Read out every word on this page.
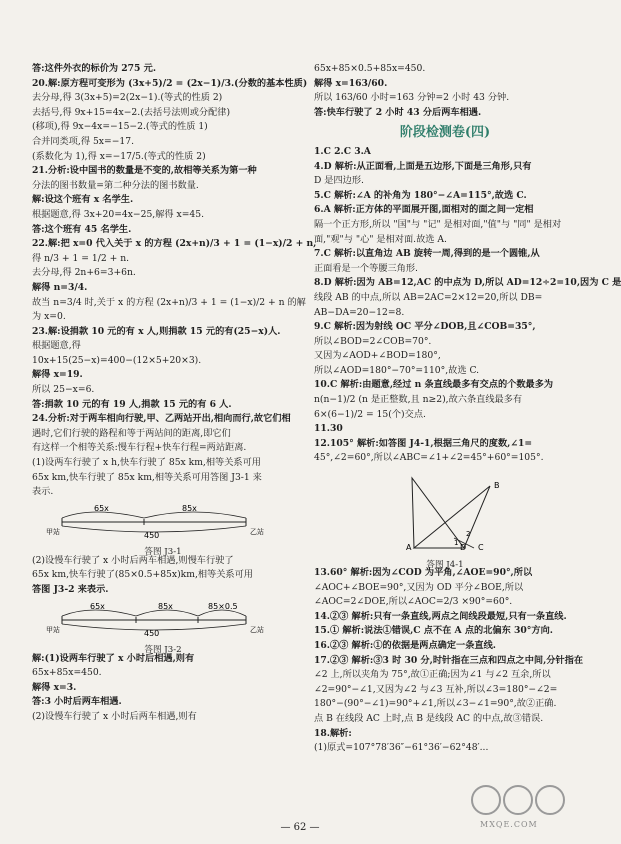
答:这件外衣的标价为 275 元.
20.解:原方程可变形为 (3x+5)/2 = (2x−1)/3.(分数的基本性质)
去分母,得 3(3x+5)=2(2x−1).(等式的性质 2)
去括号,得 9x+15=4x−2.(去括号法则或分配律)
(移项),得 9x−4x=−15−2.(等式的性质 1)
合并同类项,得 5x=−17.
(系数化为 1),得 x=−17/5.(等式的性质 2)
21.分析:设中国书的数量是不变的,故相等关系为第一种
分法的图书数量=第二种分法的图书数量.
解:设这个班有 x 名学生.
根据题意,得 3x+20=4x−25,解得 x=45.
答:这个班有 45 名学生.
22.解:把 x=0 代入关于 x 的方程 (2x+n)/3 + 1 = (1−x)/2 + n,
得 n/3 + 1 = 1/2 + n.
去分母,得 2n+6=3+6n.
解得 n=3/4.
故当 n=3/4 时,关于 x 的方程 (2x+n)/3 + 1 = (1−x)/2 + n 的解
为 x=0.
23.解:设捐款 10 元的有 x 人,则捐款 15 元的有(25−x)人.
根据题意,得
10x+15(25−x)=400−(12×5+20×3).
解得 x=19.
所以 25−x=6.
答:捐款 10 元的有 19 人,捐款 15 元的有 6 人.
24.分析:对于两车相向行驶,甲、乙两站开出,相向而行,故它们相
遇时,它们行驶的路程和等于两站间的距离,即它们
有这样一个相等关系:慢车行程+快车行程=两站距离.
(1)设两车行驶了 x h,快车行驶了 85x km,相等关系可用
65x km,快车行驶了 85x km,相等关系可用答图 J3-1 来
表示.
65x	85x
450
甲站	乙站
答图 J3-1
(2)设慢车行驶了 x 小时后两车相遇,则慢车行驶了
65x km,快车行驶了(85×0.5+85x)km,相等关系可用
答图 J3-2 来表示.
65x	85x	85×0.5
450
甲站	乙站
答图 J3-2
解:(1)设两车行驶了 x 小时后相遇,则有
65x+85x=450.
解得 x=3.
答:3 小时后两车相遇.
(2)设慢车行驶了 x 小时后两车相遇,则有
65x+85×0.5+85x=450.
解得 x=163/60.
所以 163/60 小时=163 分钟=2 小时 43 分钟.
答:快车行驶了 2 小时 43 分后两车相遇.
阶段检测卷(四)
1.C 2.C 3.A
4.D 解析:从正面看,上面是五边形,下面是三角形,只有
D 是四边形.
5.C 解析:∠A 的补角为 180°−∠A=115°,故选 C.
6.A 解析:正方体的平面展开图,面相对的面之间一定相
隔一个正方形,所以 "国"与 "记" 是相对面,"值"与 "同" 是相对
面,"观"与 "心" 是相对面.故选 A.
7.C 解析:以直角边 AB 旋转一周,得到的是一个圆锥,从
正面看是一个等腰三角形.
8.D 解析:因为 AB=12,AC 的中点为 D,所以 AD=12÷2=10,因为 C 是
线段 AB 的中点,所以 AB=2AC=2×12=20,所以 DB=
AB−DA=20−12=8.
9.C 解析:因为射线 OC 平分∠DOB,且∠COB=35°,
所以∠BOD=2∠COB=70°.
又因为∠AOD+∠BOD=180°,
所以∠AOD=180°−70°=110°,故选 C.
10.C 解析:由题意,经过 n 条直线最多有交点的个数最多为
n(n−1)/2 (n 是正整数,且 n≥2),故六条直线最多有
6×(6−1)/2 = 15(个)交点.
11.30
12.105° 解析:如答图 J4-1,根据三角尺的度数,∠1=
45°,∠2=60°,所以∠ABC=∠1+∠2=45°+60°=105°.
B
A	D C
1
2
答图 J4-1
13.60° 解析:因为∠COD 为平角,∠AOE=90°,所以
∠AOC+∠BOE=90°,又因为 OD 平分∠BOE,所以
∠AOC=2∠DOE,所以∠AOC=2/3 ×90°=60°.
14.②③ 解析:只有一条直线,两点之间线段最短,只有一条直线.
15.① 解析:说法①错误,C 点不在 A 点的北偏东 30°方向.
16.②③ 解析:①的依据是两点确定一条直线.
17.②③ 解析:③3 时 30 分,时针指在三点和四点之中间,分针指在
∠2 上,所以夹角为 75°,故①正确;因为∠1 与∠2 互余,所以
∠2=90°−∠1,又因为∠2 与∠3 互补,所以∠3=180°−∠2=
180°−(90°−∠1)=90°+∠1,所以∠3−∠1=90°,故②正确.
点 B 在线段 AC 上时,点 B 是线段 AC 的中点,故③错误.
18.解析:
(1)原式=107°78′36″−61°36′−62°48′...
— 62 —	MXQE.COM
